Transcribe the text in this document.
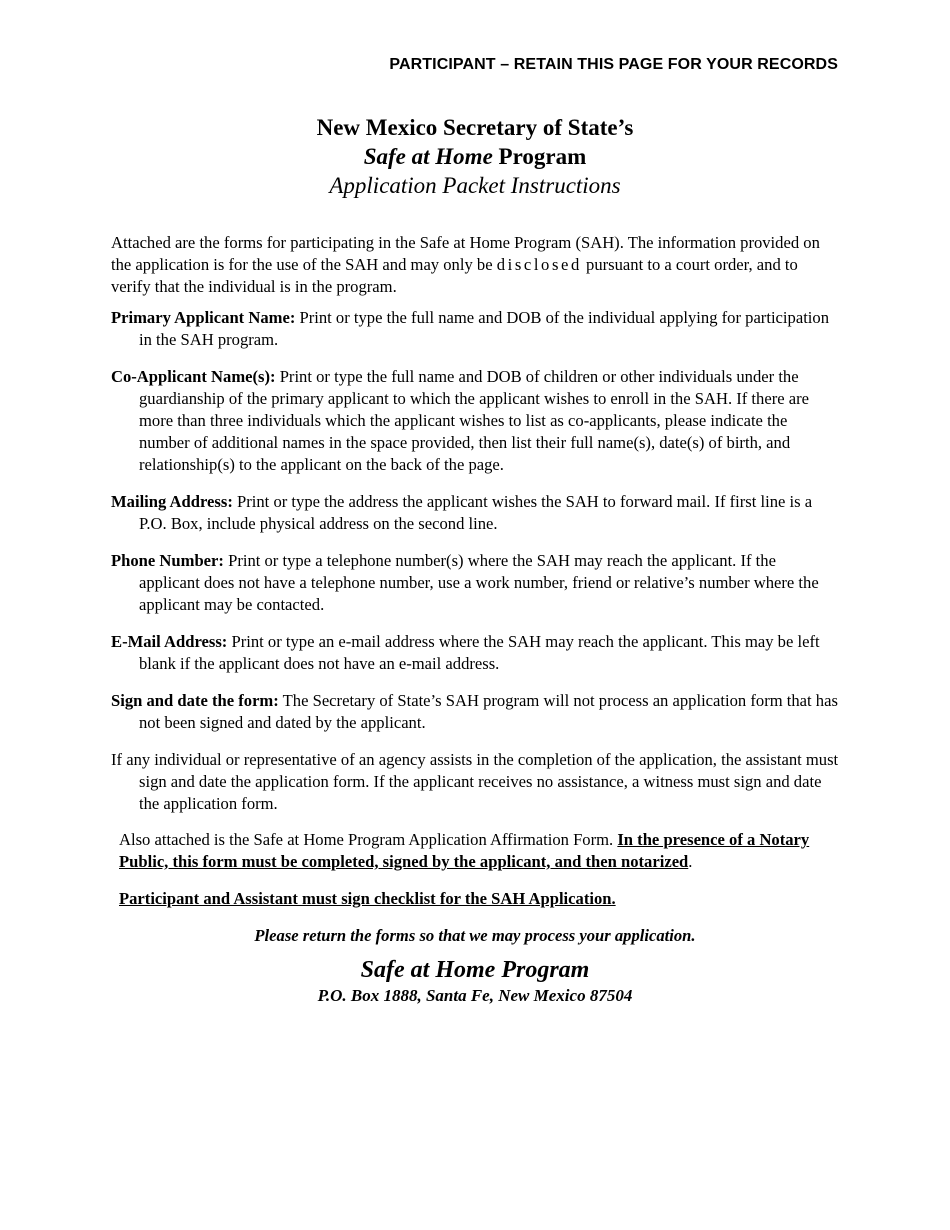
PARTICIPANT – RETAIN THIS PAGE FOR YOUR RECORDS
New Mexico Secretary of State’s
Safe at Home Program
Application Packet Instructions

Attached are the forms for participating in the Safe at Home Program (SAH). The information provided on the application is for the use of the SAH and may only be disclosed pursuant to a court order, and to verify that the individual is in the program.

Primary Applicant Name: Print or type the full name and DOB of the individual applying for participation in the SAH program.

Co-Applicant Name(s): Print or type the full name and DOB of children or other individuals under the guardianship of the primary applicant to which the applicant wishes to enroll in the SAH. If there are more than three individuals which the applicant wishes to list as co-applicants, please indicate the number of additional names in the space provided, then list their full name(s), date(s) of birth, and relationship(s) to the applicant on the back of the page.

Mailing Address: Print or type the address the applicant wishes the SAH to forward mail. If first line is a P.O. Box, include physical address on the second line.

Phone Number: Print or type a telephone number(s) where the SAH may reach the applicant. If the applicant does not have a telephone number, use a work number, friend or relative’s number where the applicant may be contacted.

E-Mail Address: Print or type an e-mail address where the SAH may reach the applicant. This may be left blank if the applicant does not have an e-mail address.

Sign and date the form: The Secretary of State’s SAH program will not process an application form that has not been signed and dated by the applicant.

If any individual or representative of an agency assists in the completion of the application, the assistant must sign and date the application form. If the applicant receives no assistance, a witness must sign and date the application form.

Also attached is the Safe at Home Program Application Affirmation Form. In the presence of a Notary Public, this form must be completed, signed by the applicant, and then notarized.

Participant and Assistant must sign checklist for the SAH Application.

Please return the forms so that we may process your application.

Safe at Home Program
P.O. Box 1888, Santa Fe, New Mexico 87504
